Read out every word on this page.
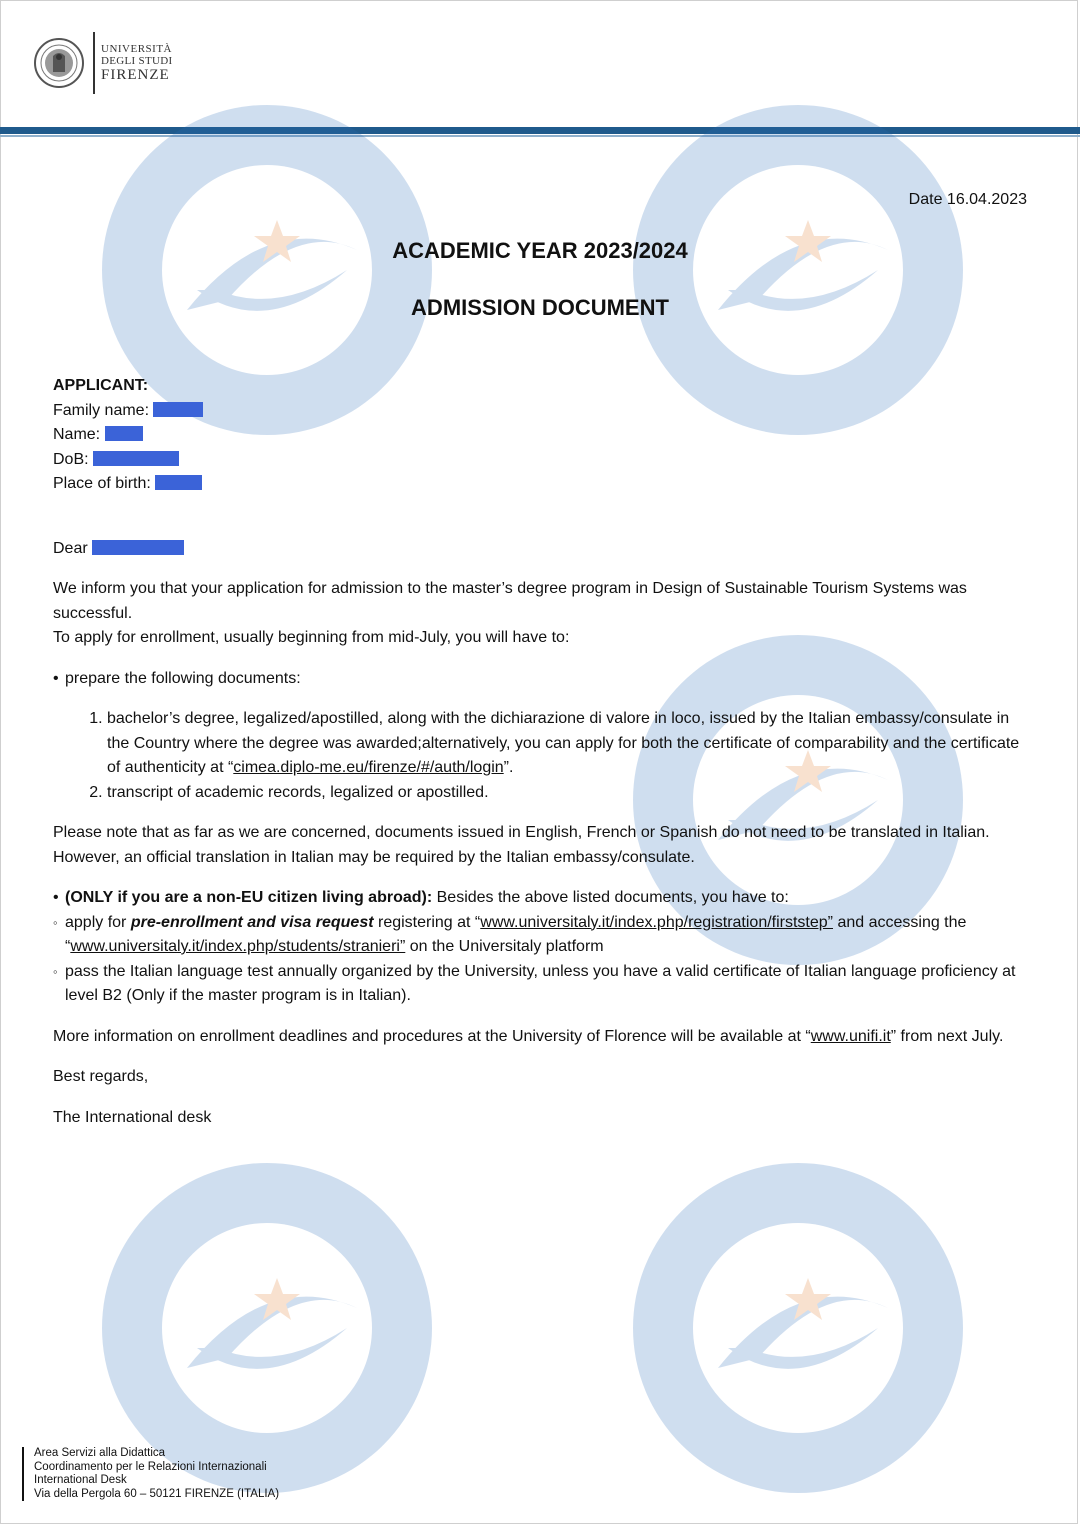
UNIVERSITÀ
DEGLI STUDI
FIRENZE
Date 16.04.2023
ACADEMIC YEAR 2023/2024
ADMISSION DOCUMENT

APPLICANT:

Family name:

Name:

DoB:

Place of birth:

Dear

We inform you that your application for admission to the master’s degree program in Design of Sustainable Tourism Systems was successful.

To apply for enrollment, usually beginning from mid-July, you will have to:

• prepare the following documents:

1. bachelor’s degree, legalized/apostilled, along with the dichiarazione di valore in loco, issued by the Italian embassy/consulate in the Country where the degree was awarded;alternatively, you can apply for both the certificate of comparability and the certificate of authenticity at “cimea.diplo-me.eu/firenze/#/auth/login”.
2. transcript of academic records, legalized or apostilled.

Please note that as far as we are concerned, documents issued in English, French or Spanish do not need to be translated in Italian. However, an official translation in Italian may be required by the Italian embassy/consulate.

• (ONLY if you are a non-EU citizen living abroad): Besides the above listed documents, you have to:

◦ apply for pre-enrollment and visa request registering at “www.universitaly.it/index.php/registration/firststep” and accessing the “www.universitaly.it/index.php/students/stranieri” on the Universitaly platform

◦ pass the Italian language test annually organized by the University, unless you have a valid certificate of Italian language proficiency at level B2 (Only if the master program is in Italian).

More information on enrollment deadlines and procedures at the University of Florence will be available at “www.unifi.it” from next July.

Best regards,

The International desk

Area Servizi alla Didattica
Coordinamento per le Relazioni Internazionali
International Desk
Via della Pergola 60 – 50121 FIRENZE (ITALIA)
